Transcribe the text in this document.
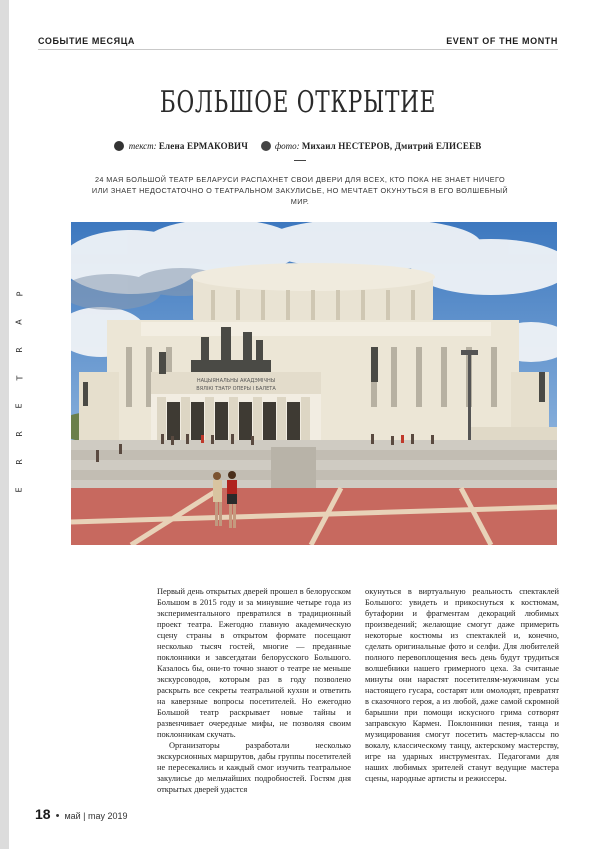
P
A
R
T
E
R
R
E
СОБЫТИЕ МЕСЯЦА	EVENT OF THE MONTH
БОЛЬШОЕ ОТКРЫТИЕ
текст: Елена ЕРМАКОВИЧ	фото: Михаил НЕСТЕРОВ, Дмитрий ЕЛИСЕЕВ
24 МАЯ БОЛЬШОЙ ТЕАТР БЕЛАРУСИ РАСПАХНЕТ СВОИ ДВЕРИ ДЛЯ ВСЕХ, КТО ПОКА НЕ ЗНАЕТ НИЧЕГО ИЛИ ЗНАЕТ НЕДОСТАТОЧНО О ТЕАТРАЛЬНОМ ЗАКУЛИСЬЕ, НО МЕЧТАЕТ ОКУНУТЬСЯ В ЕГО ВОЛШЕБНЫЙ МИР.
НАЦЫЯНАЛЬНЫ АКАДЭМІЧНЫ
ВЯЛІКІ ТЭАТР ОПЕРЫ І БАЛЕТА

Первый день открытых дверей прошел в белорусском Большом в 2015 году и за минувшие четыре года из экспериментального превратился в традиционный проект театра. Ежегодно главную академическую сцену страны в открытом формате посещают несколько тысяч гостей, многие — преданные поклонники и завсегдатаи белорусского Большого. Казалось бы, они-то точно знают о театре не меньше экскурсоводов, которым раз в году позволено раскрыть все секреты театральной кухни и ответить на каверзные вопросы посетителей. Но ежегодно Большой театр раскрывает новые тайны и развенчивает очередные мифы, не позволяя своим поклонникам скучать.

Организаторы разработали несколько экскурсионных маршрутов, дабы группы посетителей не пересекались и каждый смог изучить театральное закулисье до мельчайших подробностей. Гостям дня открытых дверей удастся

окунуться в виртуальную реальность спектаклей Большого: увидеть и прикоснуться к костюмам, бутафории и фрагментам декораций любимых произведений; желающие смогут даже примерить некоторые костюмы из спектаклей и, конечно, сделать оригинальные фото и селфи. Для любителей полного перевоплощения весь день будут трудиться волшебники нашего гримерного цеха. За считаные минуты они нарастят посетителям-мужчинам усы настоящего гусара, состарят или омолодят, превратят в сказочного героя, а из любой, даже самой скромной барышни при помощи искусного грима сотворят заправскую Кармен. Поклонники пения, танца и музицирования смогут посетить мастер-классы по вокалу, классическому танцу, актерскому мастерству, игре на ударных инструментах. Педагогами для наших любимых зрителей станут ведущие мастера сцены, народные артисты и режиссеры.

18 • май | may 2019
